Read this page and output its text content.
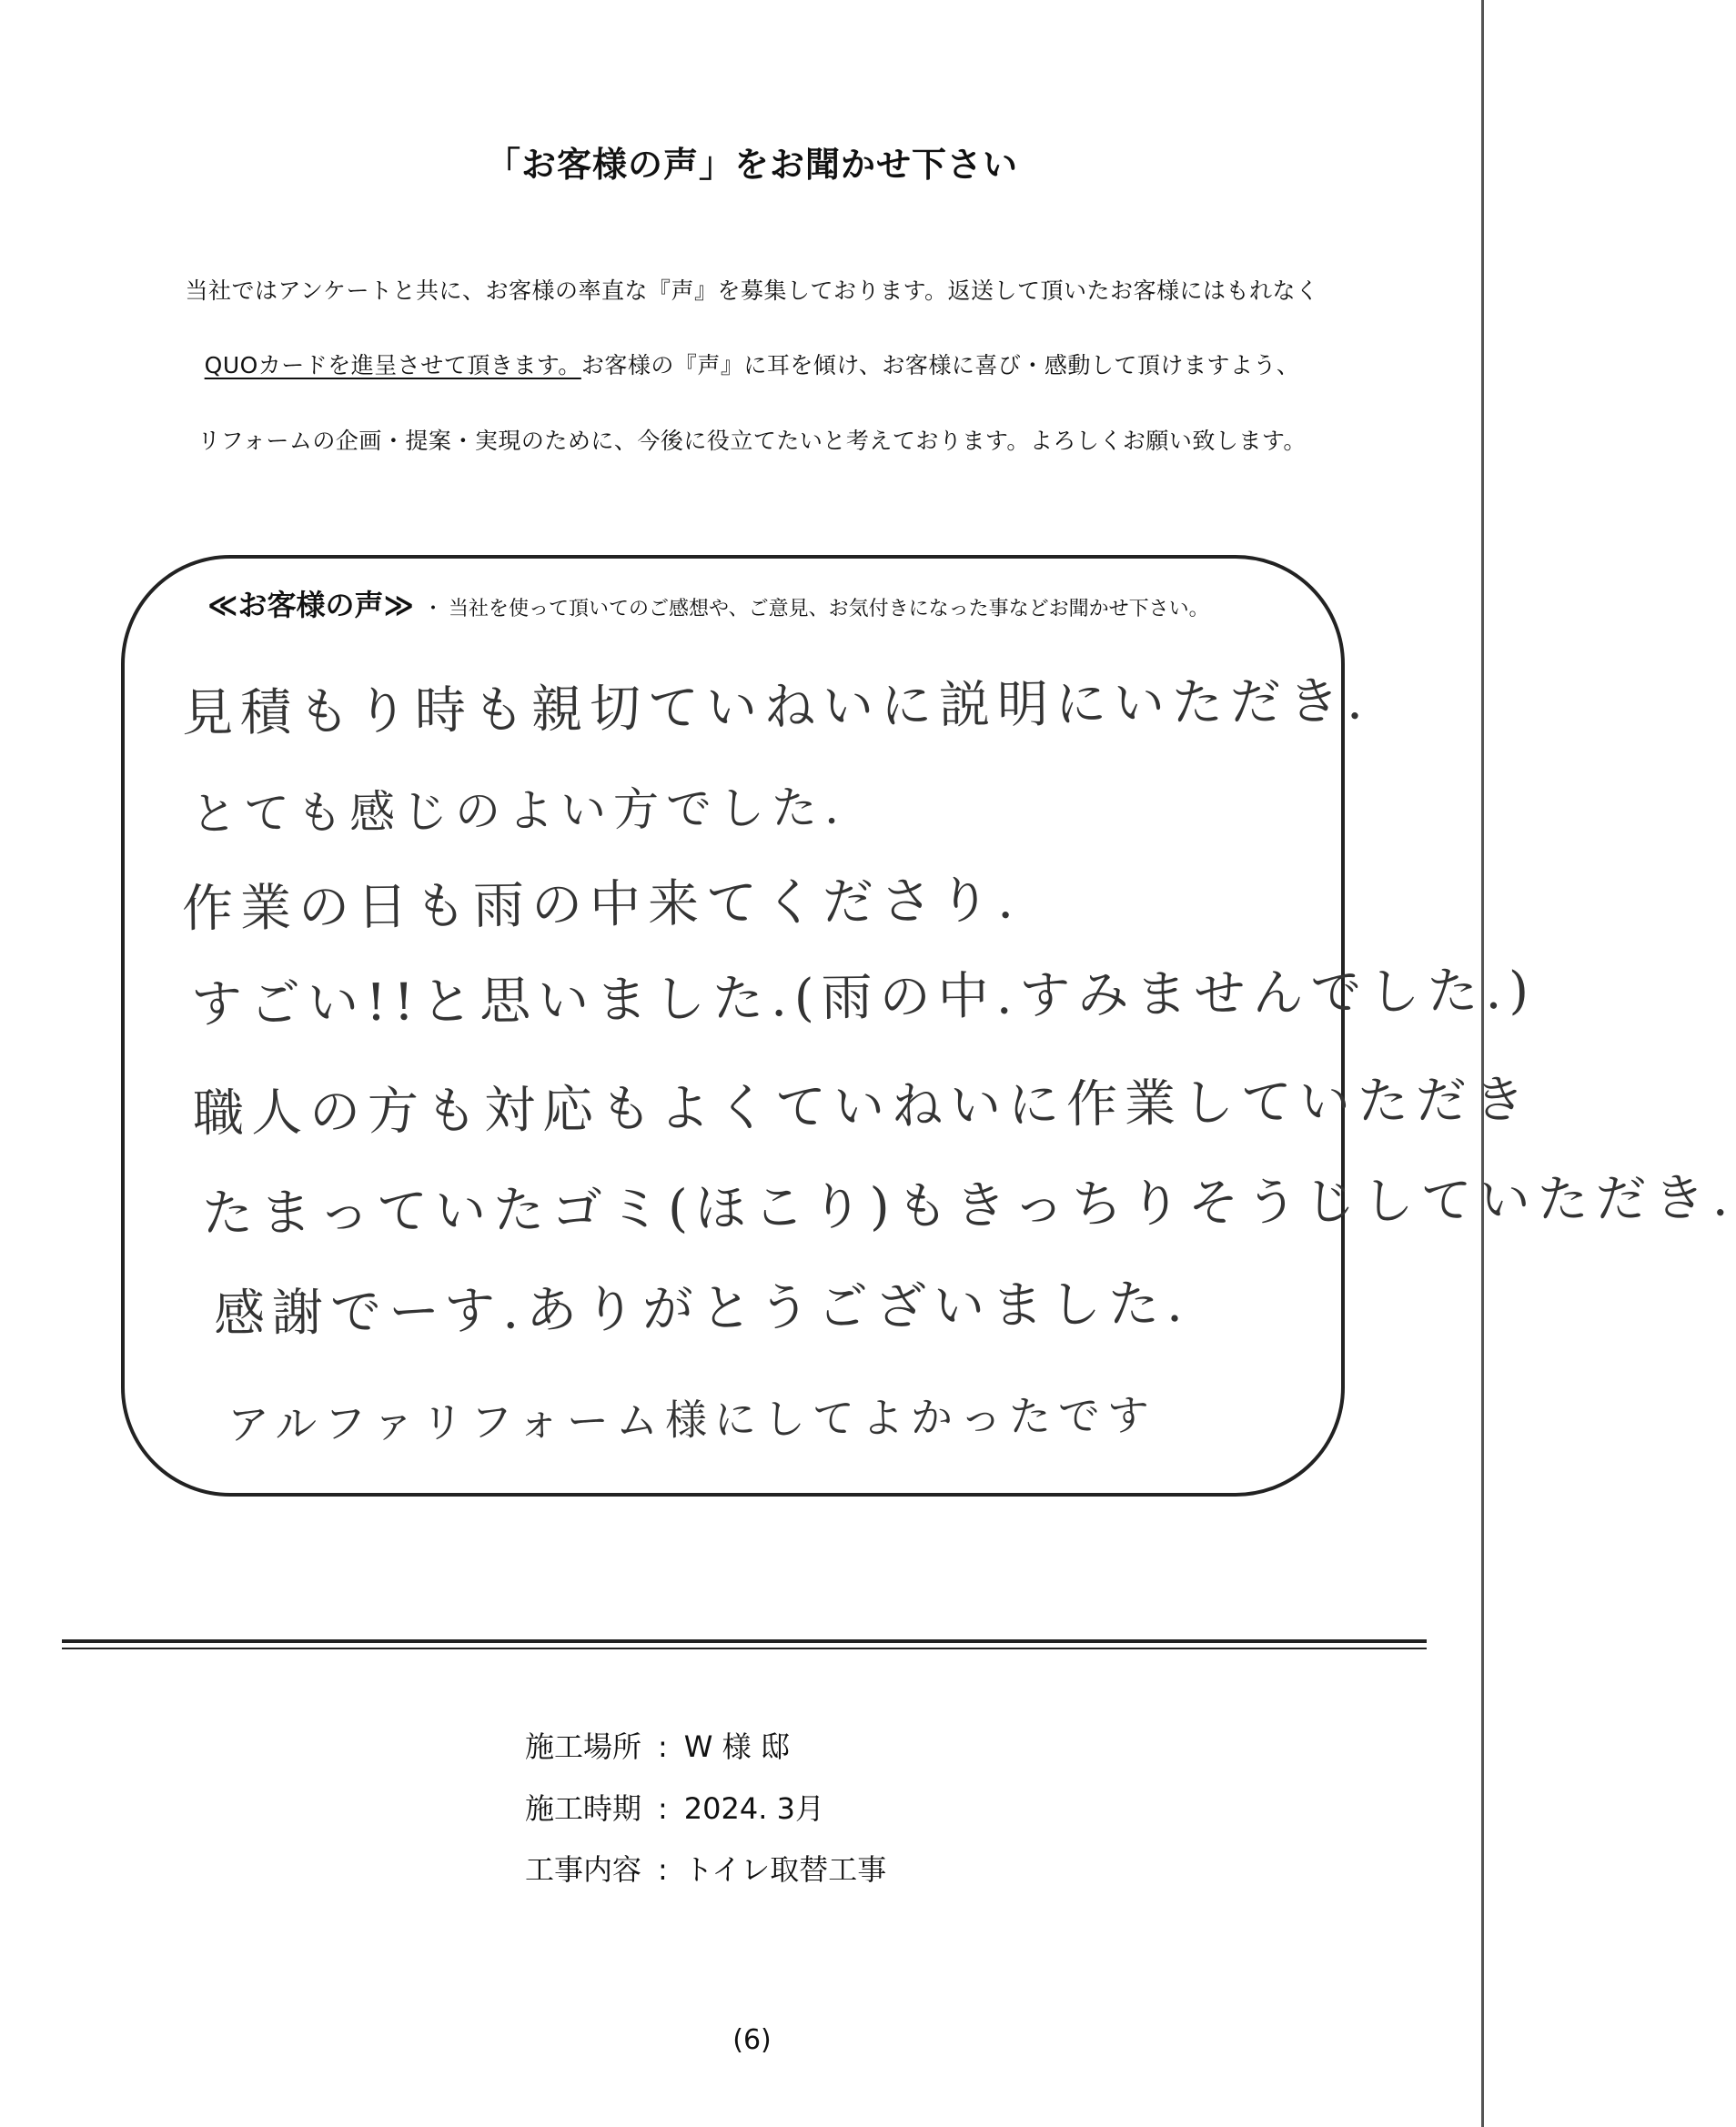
「お客様の声」をお聞かせ下さい
当社ではアンケートと共に、お客様の率直な『声』を募集しております。返送して頂いたお客様にはもれなく
QUOカードを進呈させて頂きます。お客様の『声』に耳を傾け、お客様に喜び・感動して頂けますよう、
リフォームの企画・提案・実現のために、今後に役立てたいと考えております。よろしくお願い致します。
≪お客様の声≫ ・ 当社を使って頂いてのご感想や、ご意見、お気付きになった事などお聞かせ下さい。
見積もり時も親切ていねいに説明にいただき.
とても感じのよい方でした.
作業の日も雨の中来てくださり.
すごい!!と思いました.(雨の中.すみませんでした.)
職人の方も対応もよくていねいに作業していただき
たまっていたゴミ(ほこり)もきっちりそうじしていただき.
感謝でーす.ありがとうございました.
アルファリフォーム様にしてよかったです
施工場所 : W 様 邸
施工時期 : 2024. 3月
工事内容 : トイレ取替工事
(6)
